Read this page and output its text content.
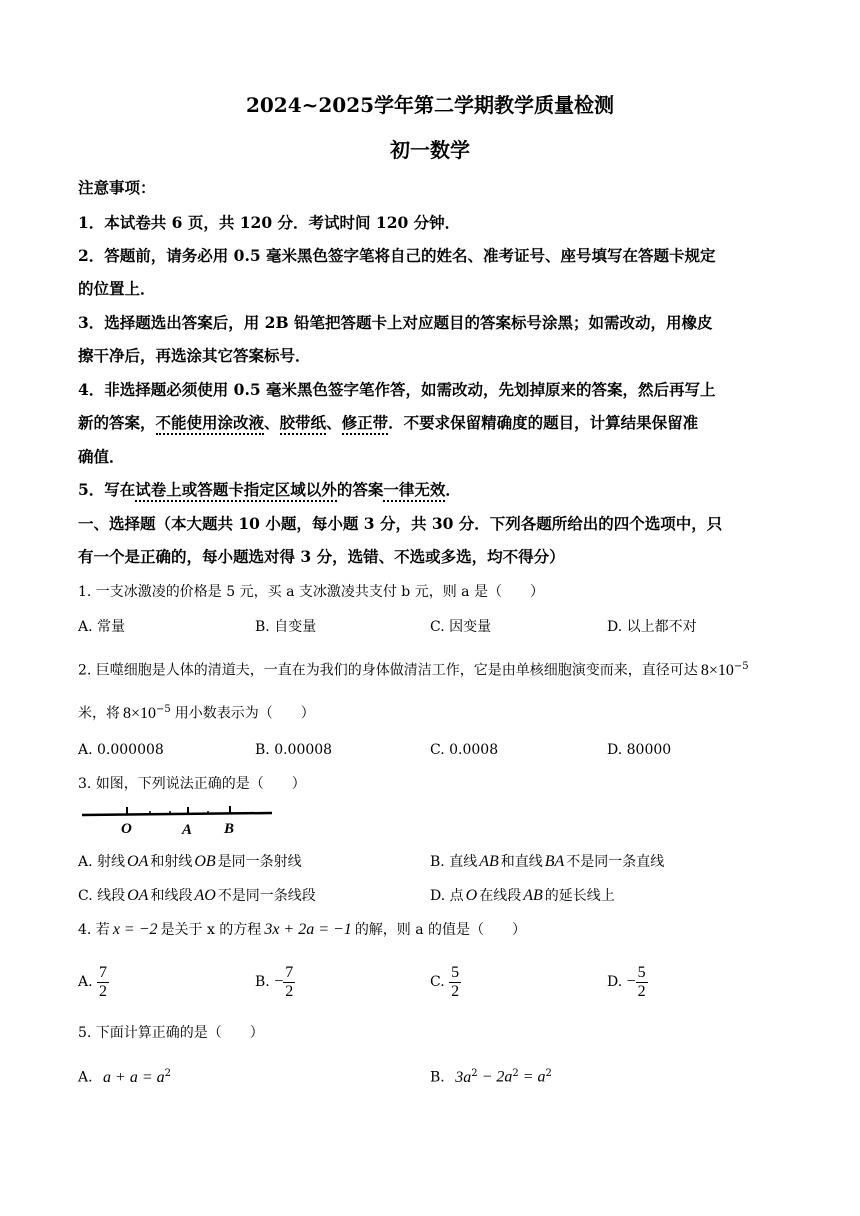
2024~2025学年第二学期教学质量检测
初一数学
注意事项：
1．本试卷共 6 页，共 120 分．考试时间 120 分钟．
2．答题前，请务必用 0.5 毫米黑色签字笔将自己的姓名、准考证号、座号填写在答题卡规定
的位置上．
3．选择题选出答案后，用 2B 铅笔把答题卡上对应题目的答案标号涂黑；如需改动，用橡皮
擦干净后，再选涂其它答案标号．
4．非选择题必须使用 0.5 毫米黑色签字笔作答，如需改动，先划掉原来的答案，然后再写上
新的答案，不能使用涂改液、胶带纸、修正带．不要求保留精确度的题目，计算结果保留准
确值．
5．写在试卷上或答题卡指定区域以外的答案一律无效．
一、选择题（本大题共 10 小题，每小题 3 分，共 30 分．下列各题所给出的四个选项中，只
有一个是正确的，每小题选对得 3 分，选错、不选或多选，均不得分）
1. 一支冰激凌的价格是 5 元，买 a 支冰激凌共支付 b 元，则 a 是（　　）
A. 常量	B. 自变量	C. 因变量	D. 以上都不对
2. 巨噬细胞是人体的清道夫，一直在为我们的身体做清洁工作，它是由单核细胞演变而来，直径可达 $8\times 10^{-5}$
米，将 $8\times 10^{-5}$ 用小数表示为（　　）
A. 0.000008	B. 0.00008	C. 0.0008	D. 80000
3. 如图，下列说法正确的是（　　）
O	A B
A. 射线 OA 和射线 OB 是同一条射线	B. 直线 AB 和直线 BA 不是同一条直线
C. 线段 OA 和线段 AO 不是同一条线段	D. 点 O 在线段 AB 的延长线上
4. 若 x = −2 是关于 x 的方程 3x + 2a = −1 的解，则 a 的值是（　　）
A. $\frac{7}{2}$	B. − $\frac{7}{2}$	C. $\frac{5}{2}$	D. − $\frac{5}{2}$
5. 下面计算正确的是（　　）
A. $a + a = a^2$	B. $3a^2 - 2a^2 = a^2$
